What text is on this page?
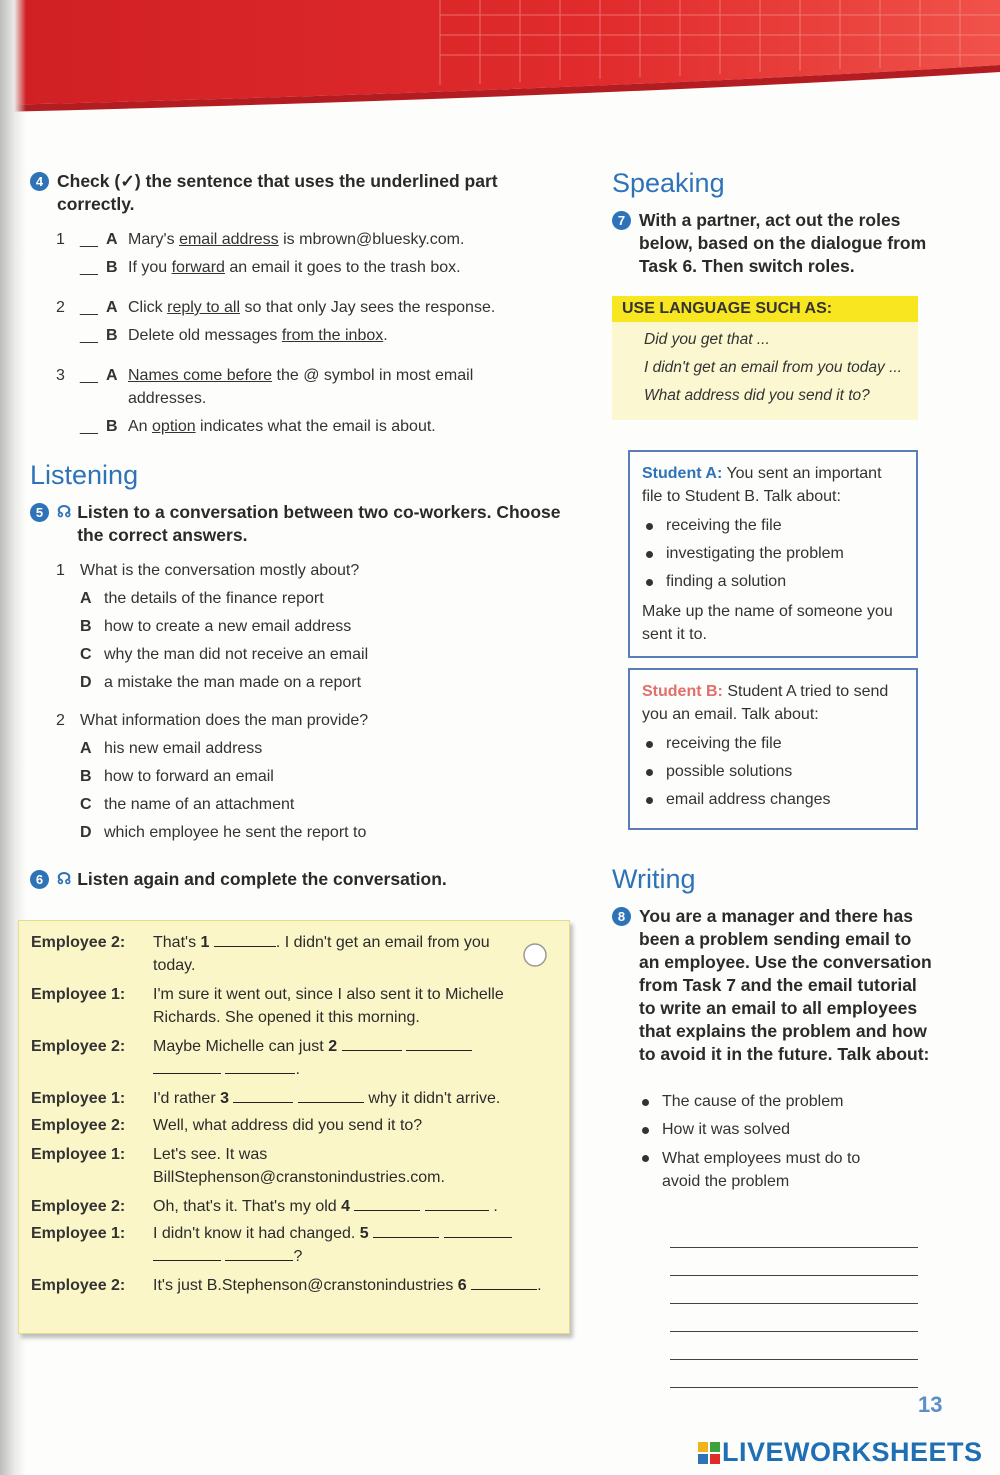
4 Check (✓) the sentence that uses the underlined part correctly.
1 __ A Mary's email address is mbrown@bluesky.com.
__ B If you forward an email it goes to the trash box.
2 __ A Click reply to all so that only Jay sees the response.
__ B Delete old messages from the inbox.
3 __ A Names come before the @ symbol in most email addresses.
__ B An option indicates what the email is about.
Listening
5 ☊ Listen to a conversation between two co-workers. Choose the correct answers.
1 What is the conversation mostly about?
A the details of the finance report
B how to create a new email address
C why the man did not receive an email
D a mistake the man made on a report
2 What information does the man provide?
A his new email address
B how to forward an email
C the name of an attachment
D which employee he sent the report to
6 ☊ Listen again and complete the conversation.
Employee 2:	That's 1	. I didn't get an email from you
today.
Employee 1:	I'm sure it went out, since I also sent it to Michelle
Richards. She opened it this morning.
Employee 2:	Maybe Michelle can just 2
.
Employee 1:	I'd rather 3	why it didn't arrive.
Employee 2:	Well, what address did you send it to?
Employee 1:	Let's see. It was
BillStephenson@cranstonindustries.com.
Employee 2:	Oh, that's it. That's my old 4	.
Employee 1:	I didn't know it had changed. 5
?
Employee 2:	It's just B.Stephenson@cranstonindustries 6	.
Speaking
7 With a partner, act out the roles below, based on the dialogue from Task 6. Then switch roles.
USE LANGUAGE SUCH AS:
Did you get that ...
I didn't get an email from you today ...
What address did you send it to?
Student A: You sent an important file to Student B. Talk about:
receiving the file
investigating the problem
finding a solution
Make up the name of someone you sent it to.
Student B: Student A tried to send you an email. Talk about:
receiving the file
possible solutions
email address changes
Writing
8 You are a manager and there has been a problem sending email to an employee. Use the conversation from Task 7 and the email tutorial to write an email to all employees that explains the problem and how to avoid it in the future. Talk about:
The cause of the problem
How it was solved
What employees must do to avoid the problem
13
LIVEWORKSHEETS
